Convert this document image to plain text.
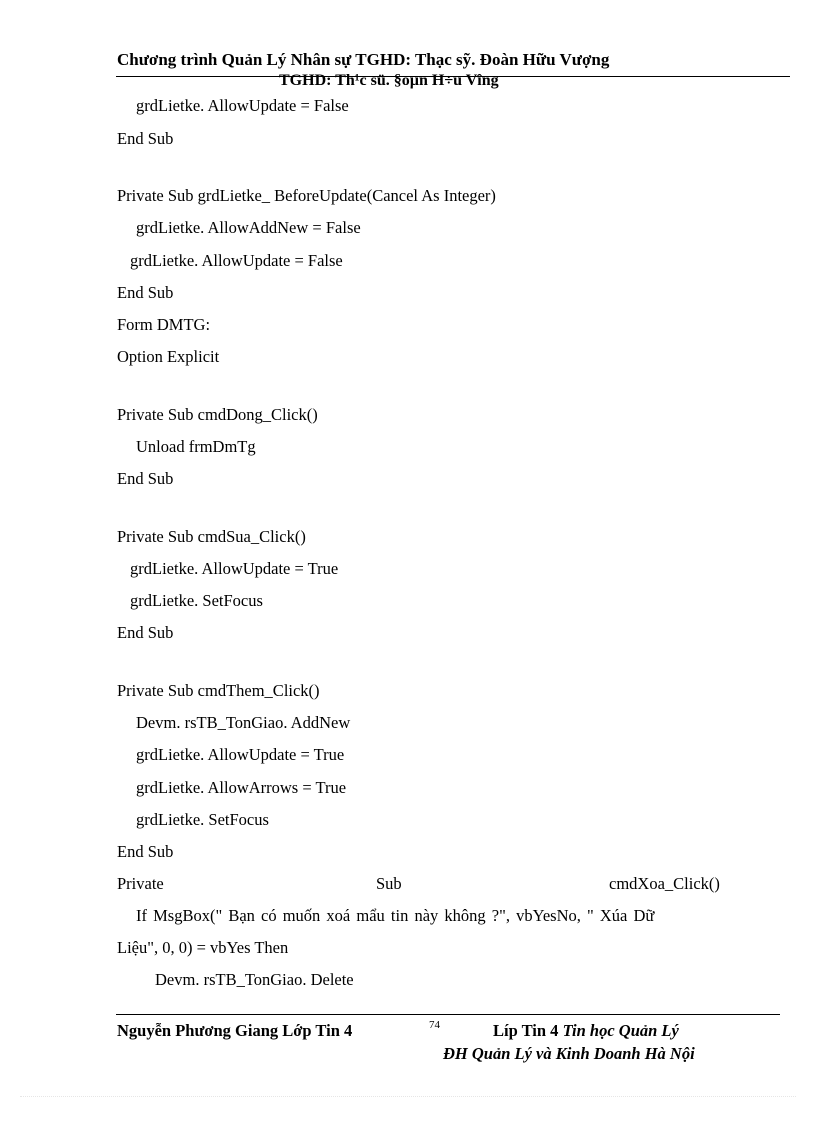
Chương trình Quản Lý Nhân sự TGHD: Thạc sỹ. Đoàn Hữu Vượng
TGHD: Th¹c sü. §oµn H÷u Vîng
grdLietke. AllowUpdate = False
End Sub
Private Sub grdLietke_ BeforeUpdate(Cancel As Integer)
grdLietke. AllowAddNew = False
grdLietke. AllowUpdate = False
End Sub
Form DMTG:
Option Explicit
Private Sub cmdDong_Click()
Unload frmDmTg
End Sub
Private Sub cmdSua_Click()
grdLietke. AllowUpdate = True
grdLietke. SetFocus
End Sub
Private Sub cmdThem_Click()
Devm. rsTB_TonGiao. AddNew
grdLietke. AllowUpdate = True
grdLietke. AllowArrows = True
grdLietke. SetFocus
End Sub
Private	Sub	cmdXoa_Click()
If MsgBox(" Bạn có muốn xoá mẩu tin này không ?", vbYesNo, " Xúa Dữ
Liệu", 0, 0) = vbYes Then
Devm. rsTB_TonGiao. Delete
Nguyễn Phương Giang Lớp Tin 4	74	Líp Tin 4 Tin học Quản Lý
ĐH Quản Lý và Kinh Doanh Hà Nội
